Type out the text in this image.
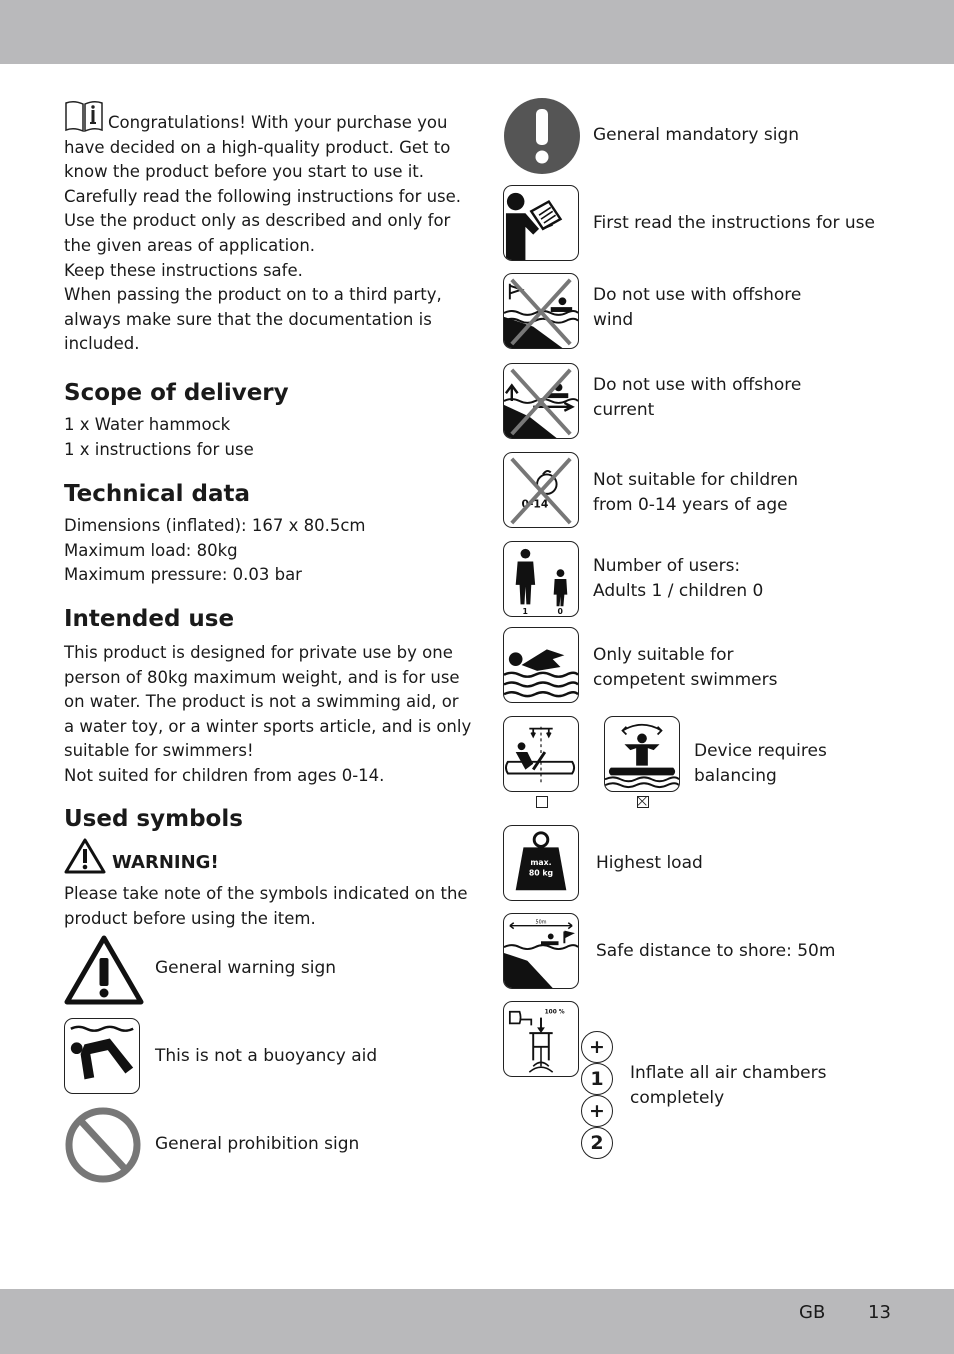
Congratulations! With your purchase you
have decided on a high-quality product. Get to
know the product before you start to use it.
Carefully read the following instructions for use.
Use the product only as described and only for
the given areas of application.
Keep these instructions safe.
When passing the product on to a third party,
always make sure that the documentation is
included.

Scope of delivery

1 x Water hammock
1 x instructions for use

Technical data

Dimensions (inflated): 167 x 80.5cm
Maximum load: 80kg
Maximum pressure: 0.03 bar

Intended use

This product is designed for private use by one
person of 80kg maximum weight, and is for use
on water. The product is not a swimming aid, or
a water toy, or a winter sports article, and is only
suitable for swimmers!
Not suited for children from ages 0-14.

Used symbols
WARNING!

Please take note of the symbols indicated on the
product before using the item.

General warning sign
This is not a buoyancy aid
General prohibition sign
General mandatory sign
First read the instructions for use
Do not use with offshore
wind
Do not use with offshore
current
0-14
Not suitable for children
from 0-14 years of age
1	0
Number of users:
Adults 1 / children 0
Only suitable for
competent swimmers
Device requires
balancing
max.
80 kg
Highest load
50m
Safe distance to shore: 50m
100 %
+
1
+
2
Inflate all air chambers
completely
GB 13
